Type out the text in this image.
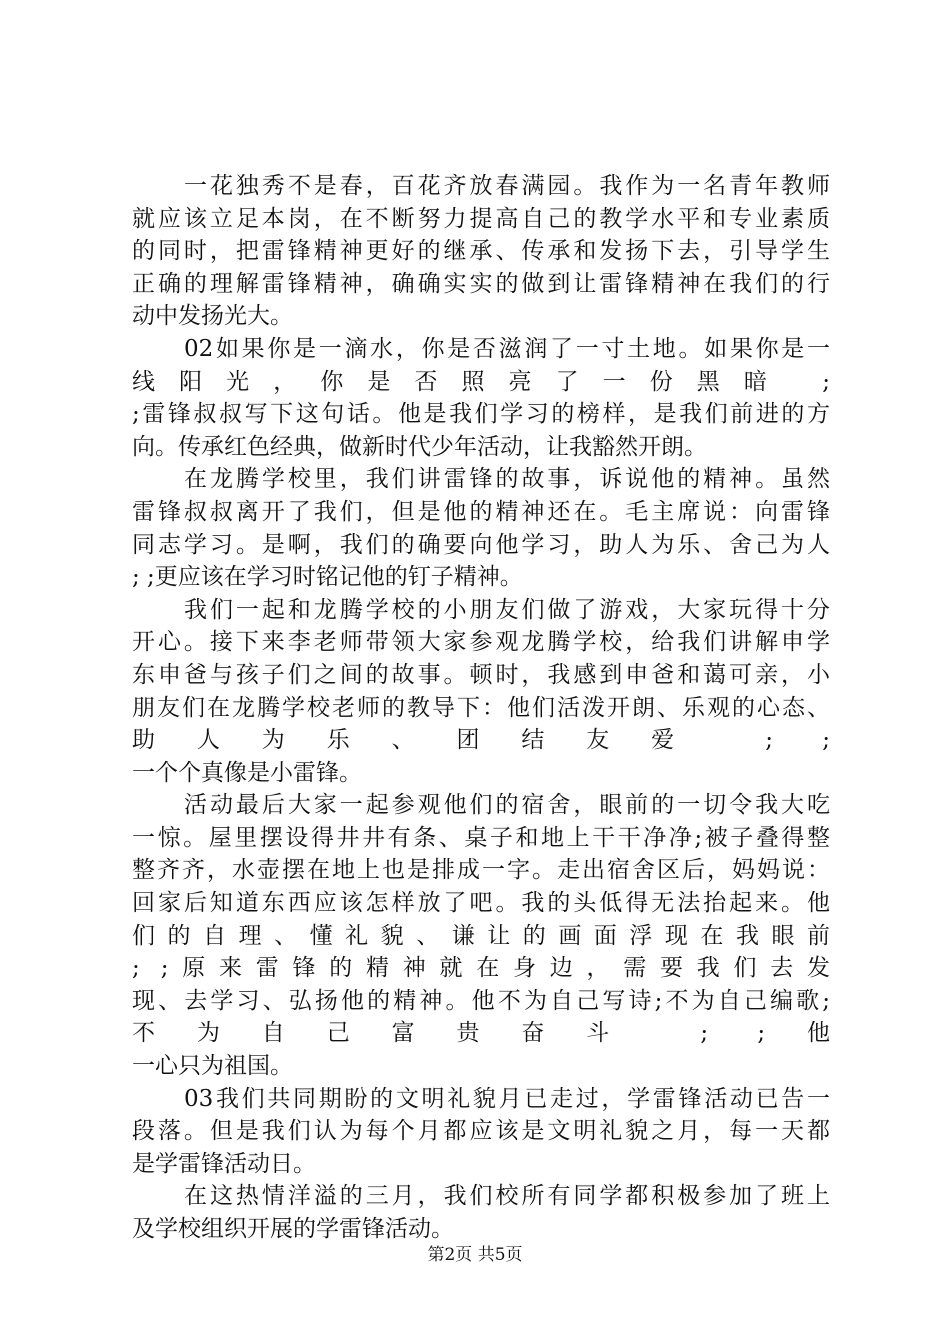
一花独秀不是春，百花齐放春满园。我作为一名青年教师
就应该立足本岗，在不断努力提高自己的教学水平和专业素质
的同时，把雷锋精神更好的继承、传承和发扬下去，引导学生
正确的理解雷锋精神，确确实实的做到让雷锋精神在我们的行
动中发扬光大。
02如果你是一滴水，你是否滋润了一寸土地。如果你是一
线阳光，你是否照亮了一份黑暗 ;
;雷锋叔叔写下这句话。他是我们学习的榜样，是我们前进的方
向。传承红色经典，做新时代少年活动，让我豁然开朗。
在龙腾学校里，我们讲雷锋的故事，诉说他的精神。虽然
雷锋叔叔离开了我们，但是他的精神还在。毛主席说：向雷锋
同志学习。是啊，我们的确要向他学习，助人为乐、舍己为人
; ;更应该在学习时铭记他的钉子精神。
我们一起和龙腾学校的小朋友们做了游戏，大家玩得十分
开心。接下来李老师带领大家参观龙腾学校，给我们讲解申学
东申爸与孩子们之间的故事。顿时，我感到申爸和蔼可亲，小
朋友们在龙腾学校老师的教导下：他们活泼开朗、乐观的心态、
助人为乐、团结友爱 ; ;
一个个真像是小雷锋。
活动最后大家一起参观他们的宿舍，眼前的一切令我大吃
一惊。屋里摆设得井井有条、桌子和地上干干净净;被子叠得整
整齐齐，水壶摆在地上也是排成一字。走出宿舍区后，妈妈说：
回家后知道东西应该怎样放了吧。我的头低得无法抬起来。他
们的自理、懂礼貌、谦让的画面浮现在我眼前
; ;原来雷锋的精神就在身边，需要我们去发
现、去学习、弘扬他的精神。他不为自己写诗;不为自己编歌;
不为自己富贵奋斗 ; ;他
一心只为祖国。
03我们共同期盼的文明礼貌月已走过，学雷锋活动已告一
段落。但是我们认为每个月都应该是文明礼貌之月，每一天都
是学雷锋活动日。
在这热情洋溢的三月，我们校所有同学都积极参加了班上
及学校组织开展的学雷锋活动。
第2页 共5页
